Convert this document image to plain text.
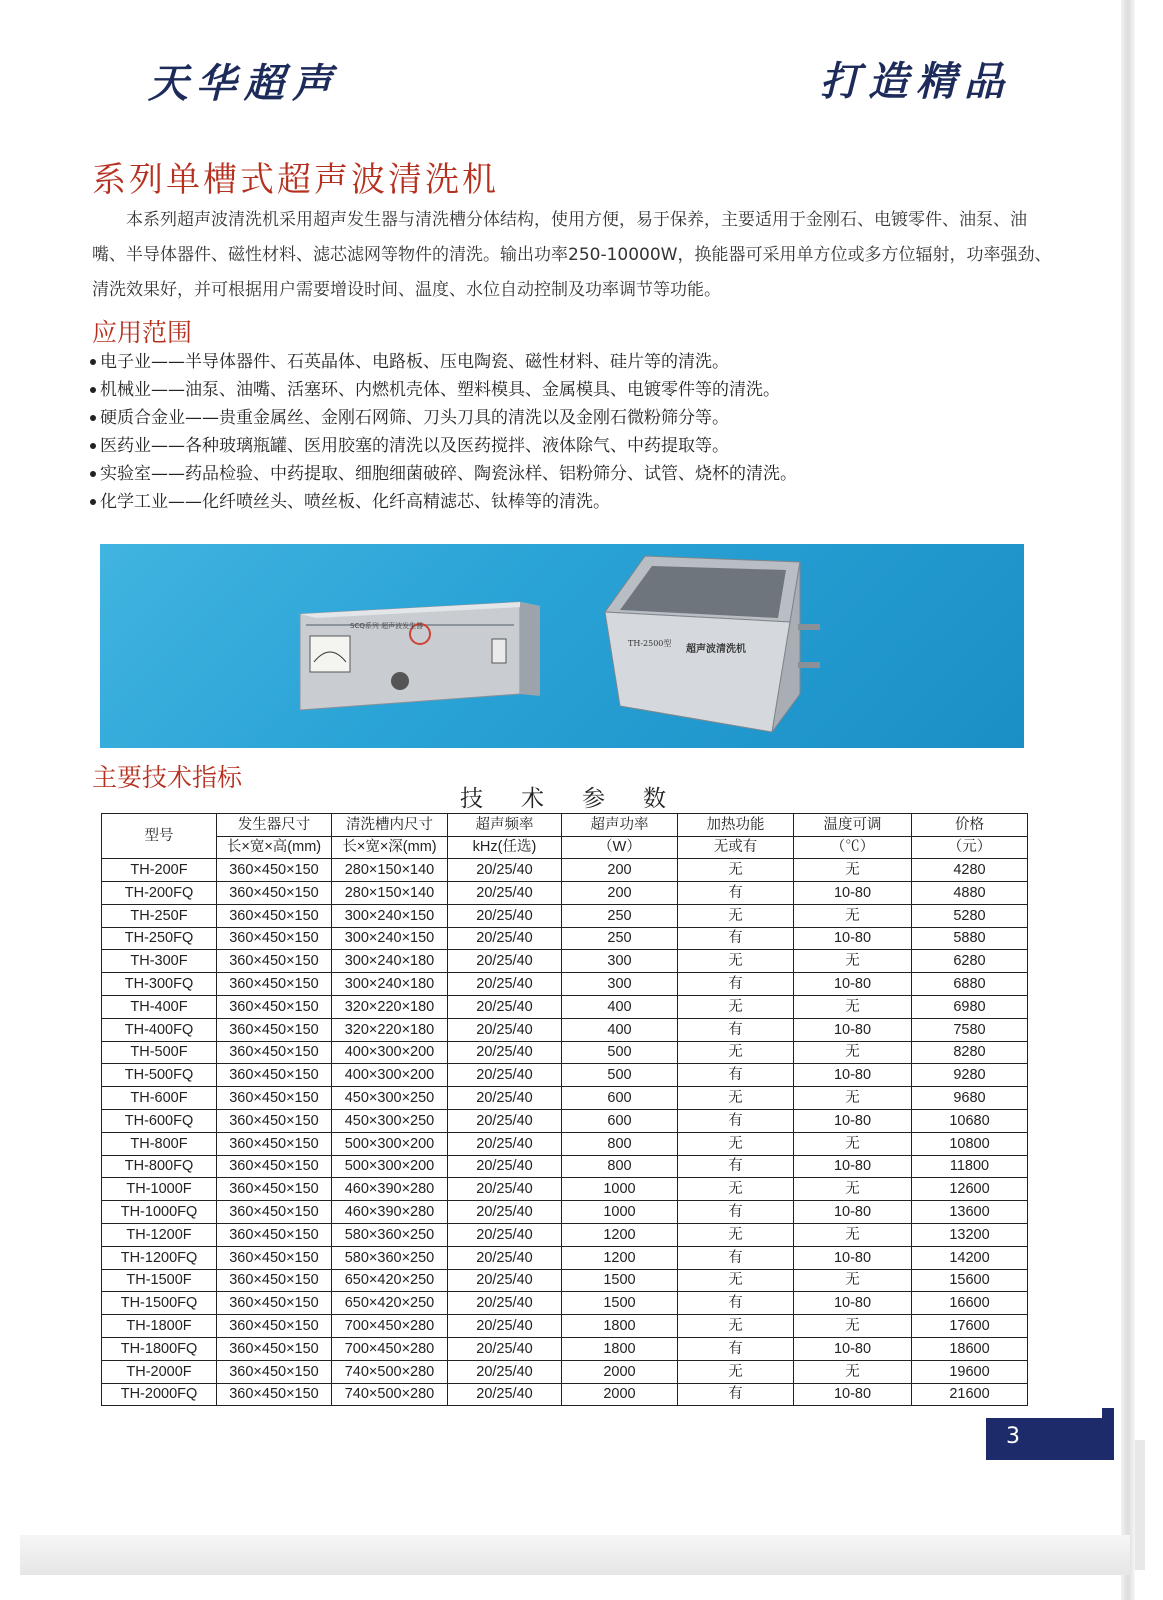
天华超声	打造精品
系列单槽式超声波清洗机
本系列超声波清洗机采用超声发生器与清洗槽分体结构，使用方便，易于保养，主要适用于金刚石、电镀零件、油泵、油嘴、半导体器件、磁性材料、滤芯滤网等物件的清洗。输出功率250-10000W，换能器可采用单方位或多方位辐射，功率强劲、清洗效果好，并可根据用户需要增设时间、温度、水位自动控制及功率调节等功能。
应用范围
电子业——半导体器件、石英晶体、电路板、压电陶瓷、磁性材料、硅片等的清洗。
机械业——油泵、油嘴、活塞环、内燃机壳体、塑料模具、金属模具、电镀零件等的清洗。
硬质合金业——贵重金属丝、金刚石网筛、刀头刀具的清洗以及金刚石微粉筛分等。
医药业——各种玻璃瓶罐、医用胶塞的清洗以及医药搅拌、液体除气、中药提取等。
实验室——药品检验、中药提取、细胞细菌破碎、陶瓷泳样、铝粉筛分、试管、烧杯的清洗。
化学工业——化纤喷丝头、喷丝板、化纤高精滤芯、钛棒等的清洗。
SCQ系列 超声波发生器
TH-2500型
超声波清洗机
主要技术指标
技术参数
型号	发生器尺寸	清洗槽内尺寸	超声频率	超声功率	加热功能	温度可调	价格
	长×宽×高(mm)	长×宽×深(mm)	kHz(任选)	（W）	无或有	（℃）	（元）
TH-200F	360×450×150	280×150×140	20/25/40	200	无	无	4280
TH-200FQ	360×450×150	280×150×140	20/25/40	200	有	10-80	4880
TH-250F	360×450×150	300×240×150	20/25/40	250	无	无	5280
TH-250FQ	360×450×150	300×240×150	20/25/40	250	有	10-80	5880
TH-300F	360×450×150	300×240×180	20/25/40	300	无	无	6280
TH-300FQ	360×450×150	300×240×180	20/25/40	300	有	10-80	6880
TH-400F	360×450×150	320×220×180	20/25/40	400	无	无	6980
TH-400FQ	360×450×150	320×220×180	20/25/40	400	有	10-80	7580
TH-500F	360×450×150	400×300×200	20/25/40	500	无	无	8280
TH-500FQ	360×450×150	400×300×200	20/25/40	500	有	10-80	9280
TH-600F	360×450×150	450×300×250	20/25/40	600	无	无	9680
TH-600FQ	360×450×150	450×300×250	20/25/40	600	有	10-80	10680
TH-800F	360×450×150	500×300×200	20/25/40	800	无	无	10800
TH-800FQ	360×450×150	500×300×200	20/25/40	800	有	10-80	11800
TH-1000F	360×450×150	460×390×280	20/25/40	1000	无	无	12600
TH-1000FQ	360×450×150	460×390×280	20/25/40	1000	有	10-80	13600
TH-1200F	360×450×150	580×360×250	20/25/40	1200	无	无	13200
TH-1200FQ	360×450×150	580×360×250	20/25/40	1200	有	10-80	14200
TH-1500F	360×450×150	650×420×250	20/25/40	1500	无	无	15600
TH-1500FQ	360×450×150	650×420×250	20/25/40	1500	有	10-80	16600
TH-1800F	360×450×150	700×450×280	20/25/40	1800	无	无	17600
TH-1800FQ	360×450×150	700×450×280	20/25/40	1800	有	10-80	18600
TH-2000F	360×450×150	740×500×280	20/25/40	2000	无	无	19600
TH-2000FQ	360×450×150	740×500×280	20/25/40	2000	有	10-80	21600
3
